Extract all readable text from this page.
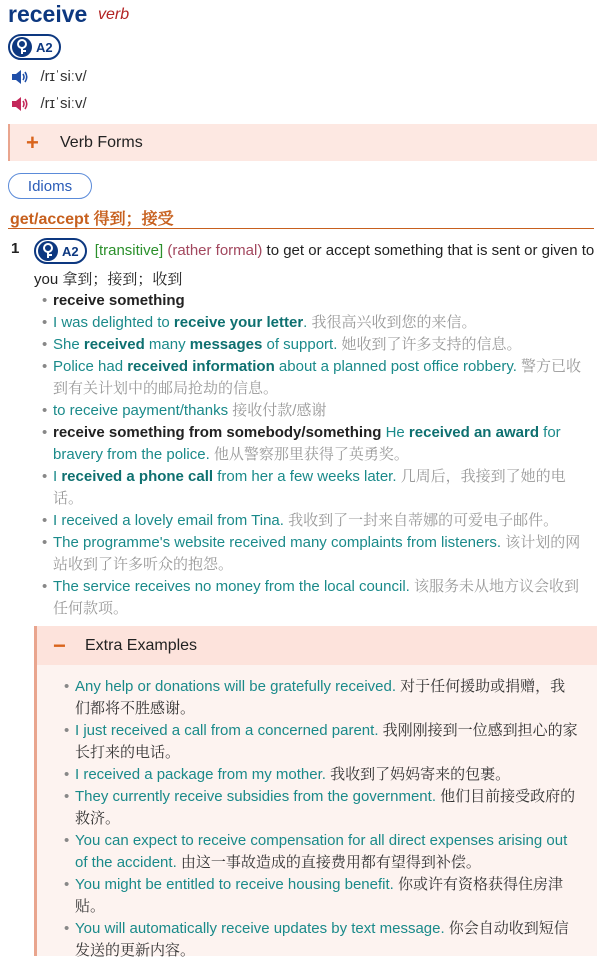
receive verb
A2
/rɪˈsiːv/
/rɪˈsiːv/
+	Verb Forms
Idioms
get/accept 得到；接受
1	A2 [transitive] (rather formal) to get or accept something that is sent or given to you 拿到；接到；收到
• receive something
• I was delighted to receive your letter. 我很高兴收到您的来信。
• She received many messages of support. 她收到了许多支持的信息。
• Police had received information about a planned post office robbery. 警方已收到有关计划中的邮局抢劫的信息。
• to receive payment/thanks 接收付款/感谢
• receive something from somebody/something He received an award for bravery from the police. 他从警察那里获得了英勇奖。
• I received a phone call from her a few weeks later. 几周后，我接到了她的电话。
• I received a lovely email from Tina. 我收到了一封来自蒂娜的可爱电子邮件。
• The programme's website received many complaints from listeners. 该计划的网站收到了许多听众的抱怨。
• The service receives no money from the local council. 该服务未从地方议会收到任何款项。
−	Extra Examples
• Any help or donations will be gratefully received. 对于任何援助或捐赠，我们都将不胜感谢。
• I just received a call from a concerned parent. 我刚刚接到一位感到担心的家长打来的电话。
• I received a package from my mother. 我收到了妈妈寄来的包裹。
• They currently receive subsidies from the government. 他们目前接受政府的救济。
• You can expect to receive compensation for all direct expenses arising out of the accident. 由这一事故造成的直接费用都有望得到补偿。
• You might be entitled to receive housing benefit. 你或许有资格获得住房津贴。
• You will automatically receive updates by text message. 你会自动收到短信发送的更新内容。
